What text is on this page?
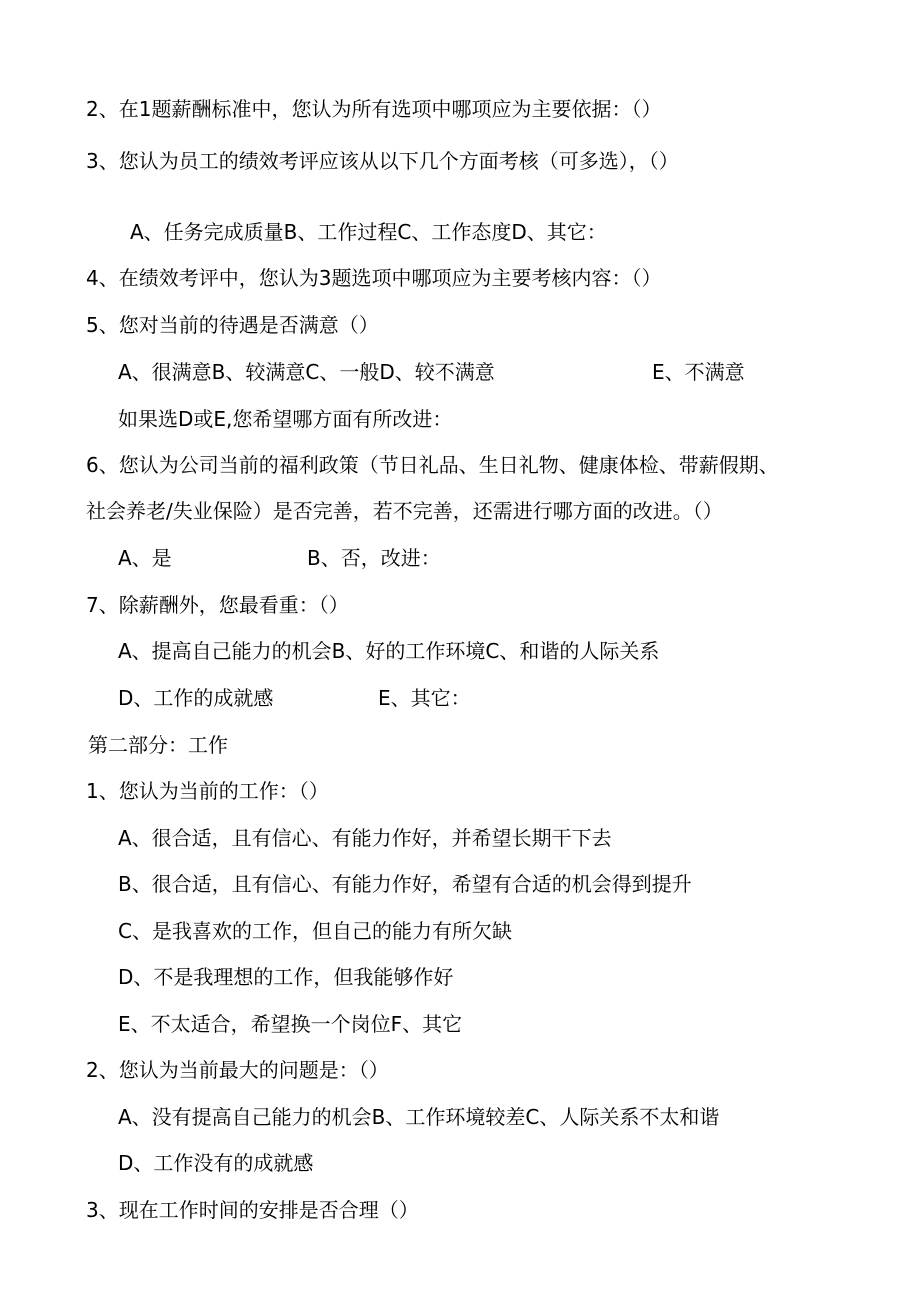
2、在1题薪酬标准中，您认为所有选项中哪项应为主要依据：（）
3、您认为员工的绩效考评应该从以下几个方面考核（可多选），（）
A、任务完成质量B、工作过程C、工作态度D、其它：
4、在绩效考评中，您认为3题选项中哪项应为主要考核内容：（）
5、您对当前的待遇是否满意（）
A、很满意B、较满意C、一般D、较不满意	E、不满意
如果选D或E,您希望哪方面有所改进：
6、您认为公司当前的福利政策（节日礼品、生日礼物、健康体检、带薪假期、
社会养老/失业保险）是否完善，若不完善，还需进行哪方面的改进。（）
A、是	B、否，改进：
7、除薪酬外，您最看重：（）
A、提高自己能力的机会B、好的工作环境C、和谐的人际关系
D、工作的成就感	E、其它：
第二部分：工作
1、您认为当前的工作：（）
A、很合适，且有信心、有能力作好，并希望长期干下去
B、很合适，且有信心、有能力作好，希望有合适的机会得到提升
C、是我喜欢的工作，但自己的能力有所欠缺
D、不是我理想的工作，但我能够作好
E、不太适合，希望换一个岗位F、其它
2、您认为当前最大的问题是：（）
A、没有提高自己能力的机会B、工作环境较差C、人际关系不太和谐
D、工作没有的成就感
3、现在工作时间的安排是否合理（）
